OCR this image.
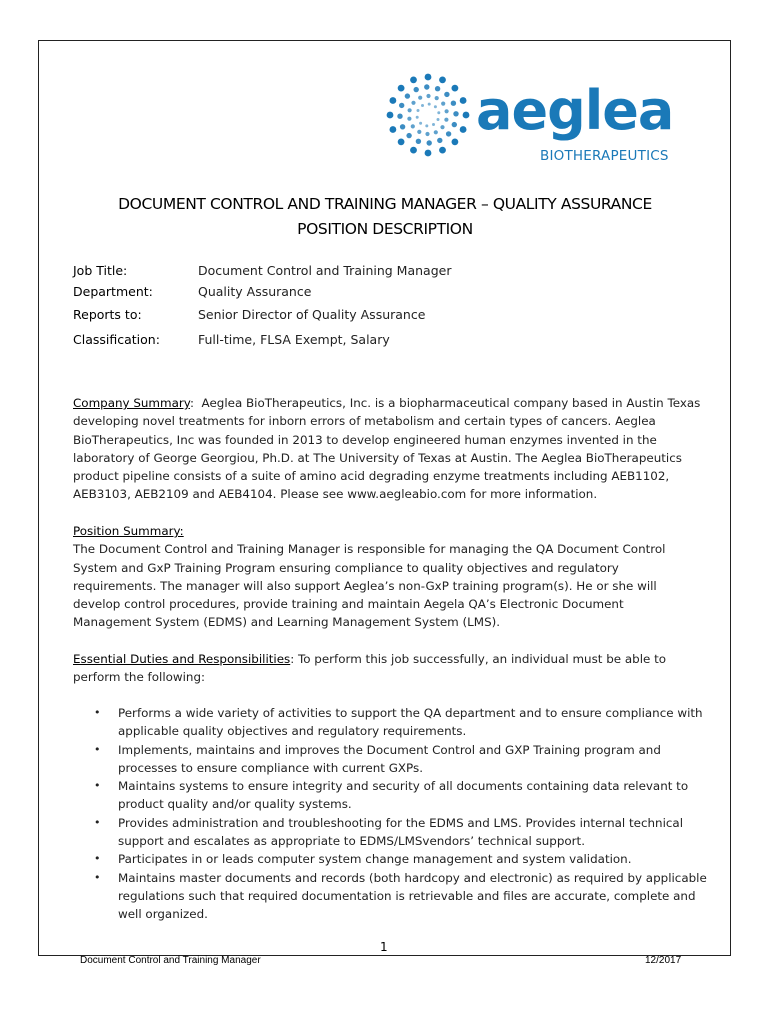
aeglea
BIOTHERAPEUTICS
DOCUMENT CONTROL AND TRAINING MANAGER – QUALITY ASSURANCE
POSITION DESCRIPTION
Job Title:	Document Control and Training Manager
Department:	Quality Assurance
Reports to:	Senior Director of Quality Assurance
Classification:	Full-time, FLSA Exempt, Salary
Company Summary: Aeglea BioTherapeutics, Inc. is a biopharmaceutical company based in Austin Texas developing novel treatments for inborn errors of metabolism and certain types of cancers. Aeglea BioTherapeutics, Inc was founded in 2013 to develop engineered human enzymes invented in the laboratory of George Georgiou, Ph.D. at The University of Texas at Austin. The Aeglea BioTherapeutics product pipeline consists of a suite of amino acid degrading enzyme treatments including AEB1102, AEB3103, AEB2109 and AEB4104. Please see www.aegleabio.com for more information.
Position Summary:
The Document Control and Training Manager is responsible for managing the QA Document Control System and GxP Training Program ensuring compliance to quality objectives and regulatory requirements. The manager will also support Aeglea’s non-GxP training program(s). He or she will develop control procedures, provide training and maintain Aegela QA’s Electronic Document Management System (EDMS) and Learning Management System (LMS).
Essential Duties and Responsibilities: To perform this job successfully, an individual must be able to perform the following:
• Performs a wide variety of activities to support the QA department and to ensure compliance with applicable quality objectives and regulatory requirements.
• Implements, maintains and improves the Document Control and GXP Training program and processes to ensure compliance with current GXPs.
• Maintains systems to ensure integrity and security of all documents containing data relevant to product quality and/or quality systems.
• Provides administration and troubleshooting for the EDMS and LMS. Provides internal technical support and escalates as appropriate to EDMS/LMSvendors’ technical support.
• Participates in or leads computer system change management and system validation.
• Maintains master documents and records (both hardcopy and electronic) as required by applicable regulations such that required documentation is retrievable and files are accurate, complete and well organized.
1
Document Control and Training Manager	12/2017
